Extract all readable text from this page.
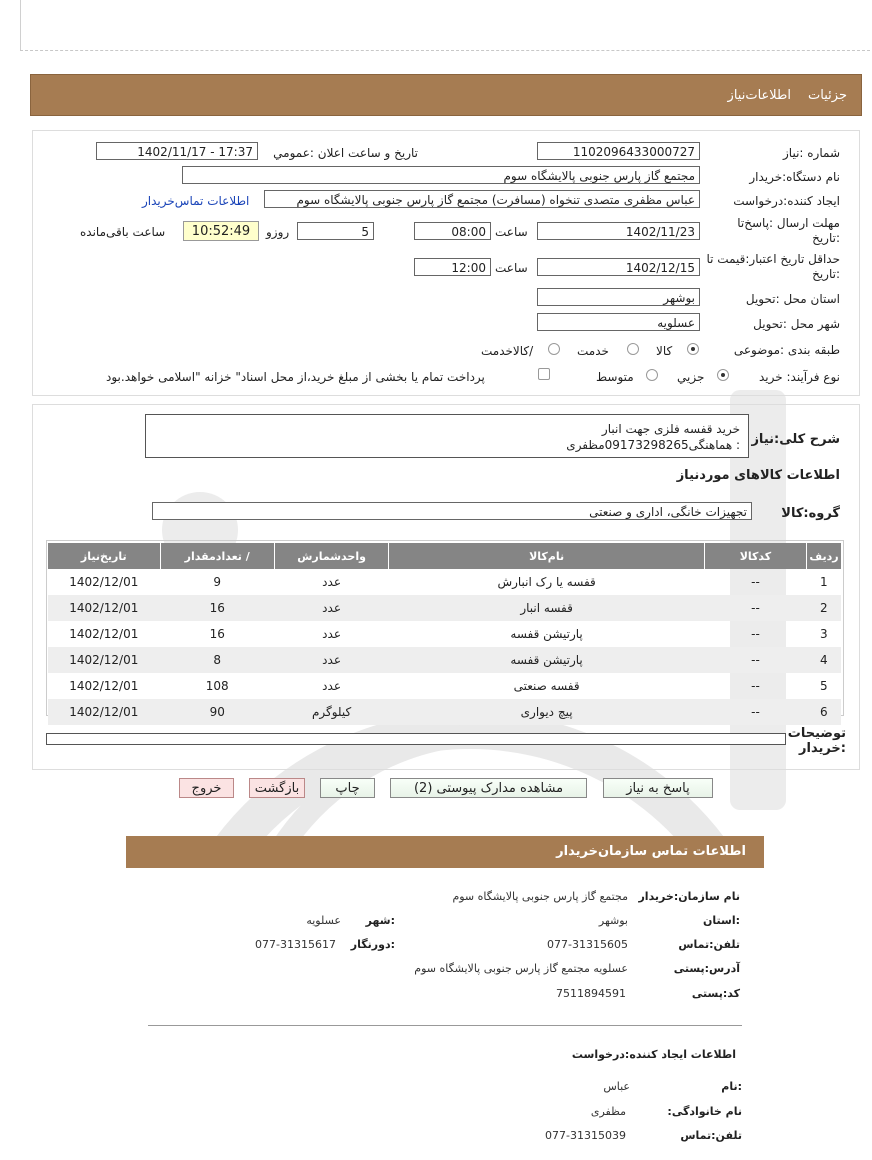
جزئیات
اطلاعات‌نیاز
شماره :نیاز
1102096433000727
تاریخ و ساعت اعلان :عمومي
1402/11/17 - 17:37
نام دستگاه:خریدار
مجتمع گاز پارس جنوبی پالایشگاه سوم
ایجاد کننده:درخواست
عباس مظفری متصدی تنخواه (مسافرت) مجتمع گاز پارس جنوبی پالایشگاه سوم
اطلاعات تماس‌خریدار
مهلت ارسال :پاسخ‌تا :تاریخ
1402/11/23
ساعت
08:00
5
روزو
10:52:49
ساعت باقی‌مانده
حداقل تاریخ اعتبار:قیمت تا :تاریخ
1402/12/15
ساعت
12:00
استان محل :تحویل
بوشهر
شهر محل :تحویل
عسلویه
طبقه بندی :موضوعی
کالا
خدمت
/کالاخدمت
نوع فرآیند: خرید
جزیي
متوسط
پرداخت تمام یا بخشی از مبلغ خرید،از محل اسناد" خزانه "اسلامی خواهد.بود
شرح کلی:نیاز
خرید قفسه فلزی جهت انبار
: هماهنگی09173298265مظفری
اطلاعات کالاهای موردنیاز
گروه:کالا
تجهیزات خانگی، اداری و صنعتی
ردیف	کدکالا	نام‌کالا	واحدشمارش	/ تعدادمقدار	تاریخ‌نیاز
1	--	قفسه یا رک انبارش	عدد	9	1402/12/01
2	--	قفسه انبار	عدد	16	1402/12/01
3	--	پارتیشن قفسه	عدد	16	1402/12/01
4	--	پارتیشن قفسه	عدد	8	1402/12/01
5	--	قفسه صنعتی	عدد	108	1402/12/01
6	--	پیچ دیواری	کیلوگرم	90	1402/12/01
توضیحات :خریدار
پاسخ به نیاز
مشاهده مدارک پیوستی (2)
چاپ
بازگشت
خروج
اطلاعات تماس سازمان‌خریدار
نام سازمان:خریدار
مجتمع گاز پارس جنوبی پالایشگاه سوم
:استان
بوشهر
:شهر
عسلویه
تلفن:تماس
077-31315605
:دورنگار
077-31315617
آدرس:پستی
عسلویه مجتمع گاز پارس جنوبی پالایشگاه سوم
کد:پستی
7511894591
اطلاعات ایجاد کننده:درخواست
:نام
عباس
نام خانوادگی:
مظفری
تلفن:تماس
077-31315039
